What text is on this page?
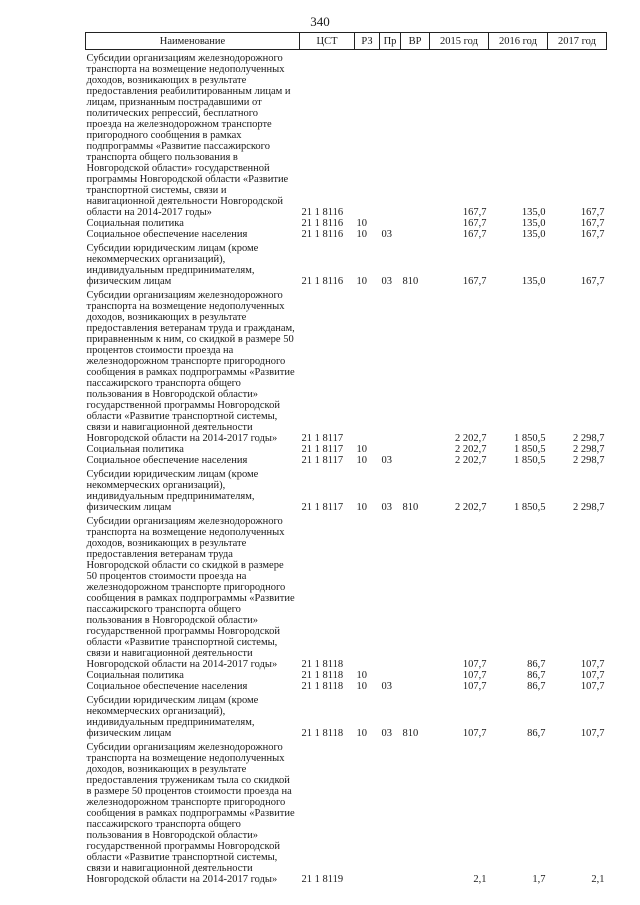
340
Наименование	ЦСТ	РЗ	Пр	ВР	2015 год	2016 год	2017 год
Субсидии организациям железнодорожного транспорта на возмещение недополученных доходов, возникающих в результате предоставления реабилитированным лицам и лицам, признанным пострадавшими от политических репрессий, бесплатного проезда на железнодорожном транспорте пригородного сообщения в рамках подпрограммы «Развитие пассажирского транспорта общего пользования в Новгородской области» государственной программы Новгородской области «Развитие транспортной системы, связи и навигационной деятельности Новгородской области на 2014-2017 годы»	21 1 8116				167,7	135,0	167,7
Социальная политика	21 1 8116	10			167,7	135,0	167,7
Социальное обеспечение населения	21 1 8116	10	03		167,7	135,0	167,7
Субсидии юридическим лицам (кроме некоммерческих организаций), индивидуальным предпринимателям, физическим лицам	21 1 8116	10	03	810	167,7	135,0	167,7
Субсидии организациям железнодорожного транспорта на возмещение недополученных доходов, возникающих в результате предоставления ветеранам труда и гражданам, приравненным к ним, со скидкой в размере 50 процентов стоимости проезда на железнодорожном транспорте пригородного сообщения в рамках подпрограммы «Развитие пассажирского транспорта общего пользования в Новгородской области» государственной программы Новгородской области «Развитие транспортной системы, связи и навигационной деятельности Новгородской области на 2014-2017 годы»	21 1 8117				2 202,7	1 850,5	2 298,7
Социальная политика	21 1 8117	10			2 202,7	1 850,5	2 298,7
Социальное обеспечение населения	21 1 8117	10	03		2 202,7	1 850,5	2 298,7
Субсидии юридическим лицам (кроме некоммерческих организаций), индивидуальным предпринимателям, физическим лицам	21 1 8117	10	03	810	2 202,7	1 850,5	2 298,7
Субсидии организациям железнодорожного транспорта на возмещение недополученных доходов, возникающих в результате предоставления ветеранам труда Новгородской области со скидкой в размере 50 процентов стоимости проезда на железнодорожном транспорте пригородного сообщения в рамках подпрограммы «Развитие пассажирского транспорта общего пользования в Новгородской области» государственной программы Новгородской области «Развитие транспортной системы, связи и навигационной деятельности Новгородской области на 2014-2017 годы»	21 1 8118				107,7	86,7	107,7
Социальная политика	21 1 8118	10			107,7	86,7	107,7
Социальное обеспечение населения	21 1 8118	10	03		107,7	86,7	107,7
Субсидии юридическим лицам (кроме некоммерческих организаций), индивидуальным предпринимателям, физическим лицам	21 1 8118	10	03	810	107,7	86,7	107,7
Субсидии организациям железнодорожного транспорта на возмещение недополученных доходов, возникающих в результате предоставления труженикам тыла со скидкой в размере 50 процентов стоимости проезда на железнодорожном транспорте пригородного сообщения в рамках подпрограммы «Развитие пассажирского транспорта общего пользования в Новгородской области» государственной программы Новгородской области «Развитие транспортной системы, связи и навигационной деятельности Новгородской области на 2014-2017 годы»	21 1 8119				2,1	1,7	2,1
